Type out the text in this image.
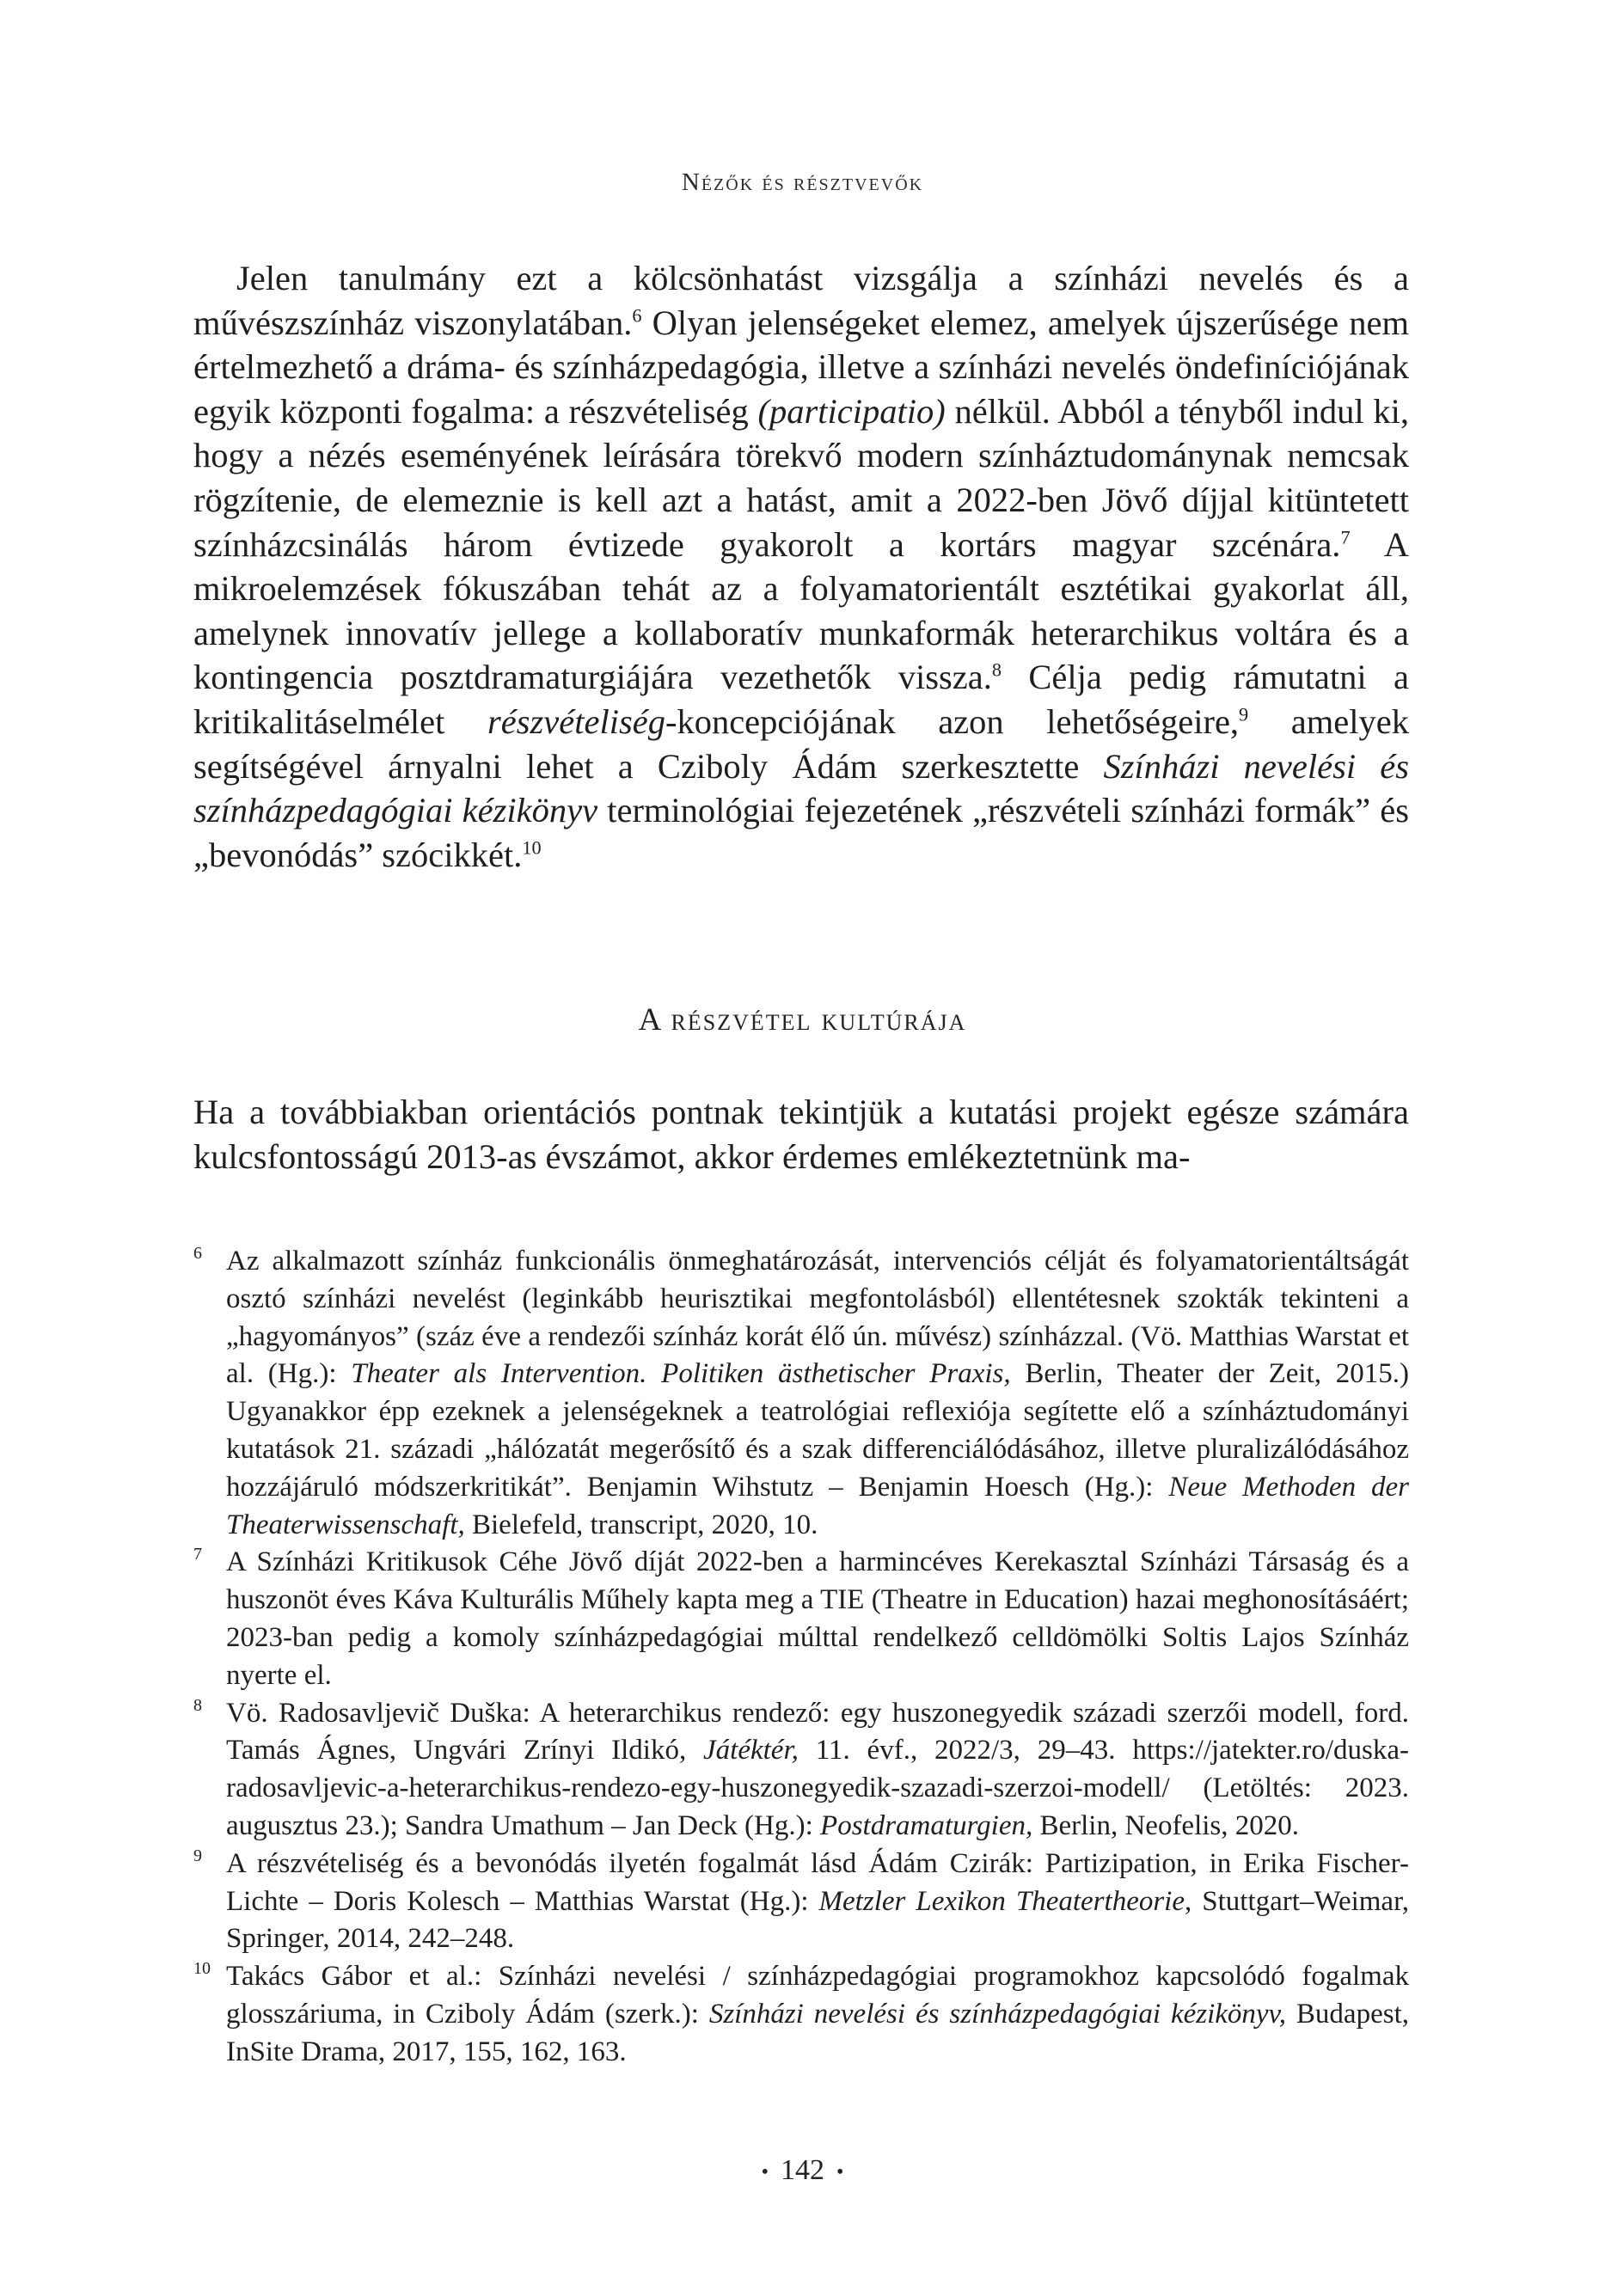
Nézők és résztvevők

Jelen tanulmány ezt a kölcsönhatást vizsgálja a színházi nevelés és a művészszínház viszonylatában.$^6$ Olyan jelenségeket elemez, amelyek újszerűsége nem értelmezhető a dráma- és színházpedagógia, illetve a színházi nevelés öndefiníciójának egyik központi fogalma: a részvételiség (participatio) nélkül. Abból a tényből indul ki, hogy a nézés eseményének leírására törekvő modern színháztudománynak nemcsak rögzítenie, de elemeznie is kell azt a hatást, amit a 2022-ben Jövő díjjal kitüntetett színházcsinálás három évtizede gyakorolt a kortárs magyar szcénára.$^7$ A mikroelemzések fókuszában tehát az a folyamatorientált esztétikai gyakorlat áll, amelynek innovatív jellege a kollaboratív munkaformák heterarchikus voltára és a kontingencia posztdramaturgiájára vezethetők vissza.$^8$ Célja pedig rámutatni a kritikalitáselmélet részvételiség-koncepciójának azon lehetőségeire,$^9$ amelyek segítségével árnyalni lehet a Cziboly Ádám szerkesztette Színházi nevelési és színházpedagógiai kézikönyv terminológiai fejezetének „részvételi színházi formák” és „bevonódás” szócikkét.$^{10}$

A részvétel kultúrája

Ha a továbbiakban orientációs pontnak tekintjük a kutatási projekt egésze számára kulcsfontosságú 2013-as évszámot, akkor érdemes emlékeztetnünk ma-

6 Az alkalmazott színház funkcionális önmeghatározását, intervenciós célját és folyamatorientáltságát osztó színházi nevelést (leginkább heurisztikai megfontolásból) ellentétesnek szokták tekinteni a „hagyományos” (száz éve a rendezői színház korát élő ún. művész) színházzal. (Vö. Matthias Warstat et al. (Hg.): Theater als Intervention. Politiken ästhetischer Praxis, Berlin, Theater der Zeit, 2015.) Ugyanakkor épp ezeknek a jelenségeknek a teatrológiai reflexiója segítette elő a színháztudományi kutatások 21. századi „hálózatát megerősítő és a szak differenciálódásához, illetve pluralizálódásához hozzájáruló módszerkritikát”. Benjamin Wihstutz – Benjamin Hoesch (Hg.): Neue Methoden der Theaterwissenschaft, Bielefeld, transcript, 2020, 10.

7 A Színházi Kritikusok Céhe Jövő díját 2022-ben a harmincéves Kerekasztal Színházi Társaság és a huszonöt éves Káva Kulturális Műhely kapta meg a TIE (Theatre in Education) hazai meghonosításáért; 2023-ban pedig a komoly színházpedagógiai múlttal rendelkező celldömölki Soltis Lajos Színház nyerte el.

8 Vö. Radosavljevič Duška: A heterarchikus rendező: egy huszonegyedik századi szerzői modell, ford. Tamás Ágnes, Ungvári Zrínyi Ildikó, Játéktér, 11. évf., 2022/3, 29–43. https://jatekter.ro/duska-radosavljevic-a-heterarchikus-rendezo-egy-huszonegyedik-szazadi-szerzoi-modell/ (Letöltés: 2023. augusztus 23.); Sandra Umathum – Jan Deck (Hg.): Postdramaturgien, Berlin, Neofelis, 2020.

9 A részvételiség és a bevonódás ilyetén fogalmát lásd Ádám Czirák: Partizipation, in Erika Fischer-Lichte – Doris Kolesch – Matthias Warstat (Hg.): Metzler Lexikon Theatertheorie, Stuttgart–Weimar, Springer, 2014, 242–248.

10 Takács Gábor et al.: Színházi nevelési / színházpedagógiai programokhoz kapcsolódó fogalmak glosszáriuma, in Cziboly Ádám (szerk.): Színházi nevelési és színházpedagógiai kézikönyv, Budapest, InSite Drama, 2017, 155, 162, 163.

• 142 •
